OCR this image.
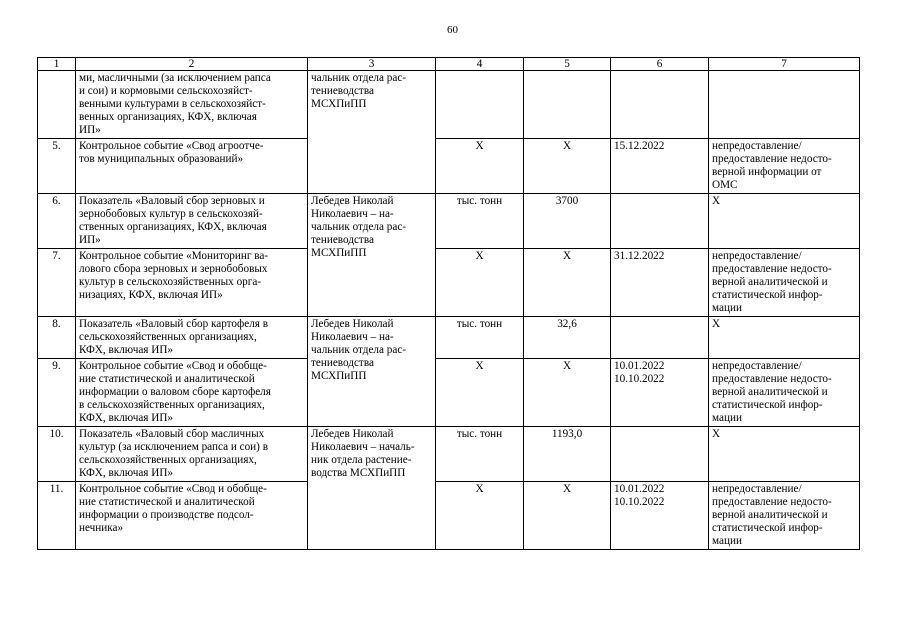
60
1	2	3	4	5	6	7
	ми, масличными (за исключением рапса
и сои) и кормовыми сельскохозяйст-
венными культурами в сельскохозяйст-
венных организациях, КФХ, включая
ИП»	чальник отдела рас-
тениеводства
МСХПиПП				
5.	Контрольное событие «Свод агроотче-
тов муниципальных образований»		Х	Х	15.12.2022	непредоставление/
предоставление недосто-
верной информации от
ОМС
6.	Показатель «Валовый сбор зерновых и
зернобобовых культур в сельскохозяй-
ственных организациях, КФХ, включая
ИП»	Лебедев Николай
Николаевич – на-
чальник отдела рас-
тениеводства
МСХПиПП	тыс. тонн	3700		Х
7.	Контрольное событие «Мониторинг ва-
лового сбора зерновых и зернобобовых
культур в сельскохозяйственных орга-
низациях, КФХ, включая ИП»		Х	Х	31.12.2022	непредоставление/
предоставление недосто-
верной аналитической и
статистической инфор-
мации
8.	Показатель «Валовый сбор картофеля в
сельскохозяйственных организациях,
КФХ, включая ИП»	Лебедев Николай
Николаевич – на-
чальник отдела рас-
тениеводства
МСХПиПП	тыс. тонн	32,6		Х
9.	Контрольное событие «Свод и обобще-
ние статистической и аналитической
информации о валовом сборе картофеля
в сельскохозяйственных организациях,
КФХ, включая ИП»		Х	Х	10.01.2022
10.10.2022	непредоставление/
предоставление недосто-
верной аналитической и
статистической инфор-
мации
10.	Показатель «Валовый сбор масличных
культур (за исключением рапса и сои) в
сельскохозяйственных организациях,
КФХ, включая ИП»	Лебедев Николай
Николаевич – началь-
ник отдела растение-
водства МСХПиПП	тыс. тонн	1193,0		Х
11.	Контрольное событие «Свод и обобще-
ние статистической и аналитической
информации о производстве подсол-
нечника»		Х	Х	10.01.2022
10.10.2022	непредоставление/
предоставление недосто-
верной аналитической и
статистической инфор-
мации
